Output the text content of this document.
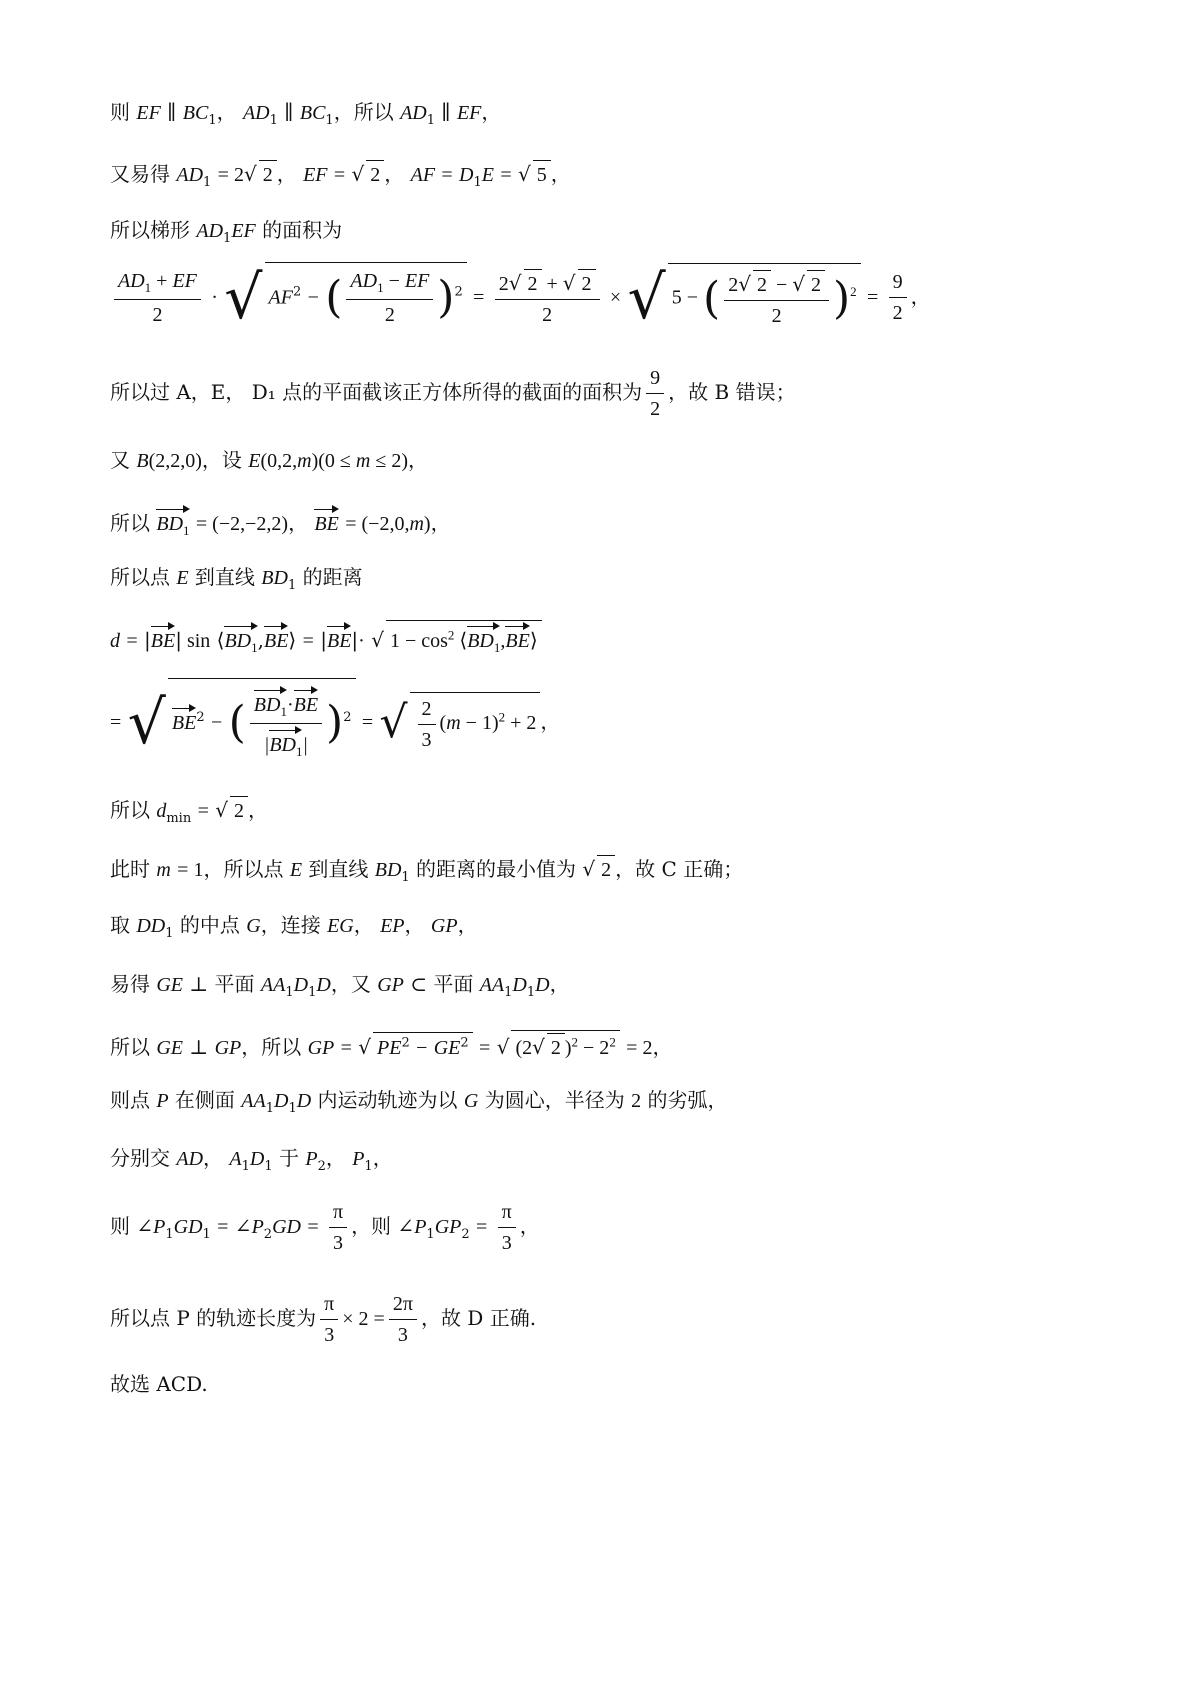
则 EF ∥ $BC_1$， $AD_1$ ∥ $BC_1$，所以 $AD_1$ ∥ EF，
又易得 $AD_1 = 2√$ 2 ， EF = √ 2 ， AF = $D_1E$ = √ 5 ，
所以梯形 $AD_1EF$ 的面积为
$\frac{AD_1 + EF}{2}$ · √ $AF^2$ − ( $\frac{AD_1 - EF}{2} )^2 = \frac{2√ 2 + √ 2}{2} \times √5$ − ( $\frac{2√ 2 - √ 2}{2} )^2 = \frac{9}{2}$ ，
所以过 A，E， D₁ 点的平面截该正方体所得的截面的面积为 $\frac{9}{2}$ ，故 B 错误；
又 B(2,2,0)，设 E(0,2,m)(0 ≤ m ≤ 2)，
所以 $BD_1 = (-2,-2,2)$， BE = (−2,0,m)，
所以点 E 到直线 $BD_1$ 的距离
d = |BE| $\sin ⟨BD_1,BE⟩ = |BE|\cdot$ √ $1 - \cos^2$ $⟨BD_1,BE⟩$
= √ $BE^2$ − ( $\frac{BD_1\cdot BE}{|BD_1|} )^2$ = √ $\frac{2}{3} (m - 1)^2 + 2$，
所以 $d_{min}$ = √ 2 ，
此时 m = 1，所以点 E 到直线 $BD_1$ 的距离的最小值为 √ 2 ，故 C 正确；
取 $DD_1$ 的中点 G，连接 EG， EP， GP，
易得 GE ⊥ 平面 $AA_1D_1D$，又 GP ⊂ 平面 $AA_1D_1D$，
所以 GE ⊥ GP，所以 GP = √ $PE^2 - GE^2$ = √ (2√ 2 )$^2 - 2^2 = 2$，
则点 P 在侧面 $AA_1D_1D$ 内运动轨迹为以 G 为圆心，半径为 2 的劣弧，
分别交 AD， $A_1D_1$ 于 $P_2$， $P_1$，
则 $\angle P_1GD_1$ = $\angle P_2GD = \frac{\pi}{3}$ ，则 $\angle P_1GP_2 = \frac{\pi}{3}$ ，
所以点 P 的轨迹长度为 $\frac{\pi}{3} \times 2 = \frac{2\pi}{3}$ ，故 D 正确.
故选 ACD.
